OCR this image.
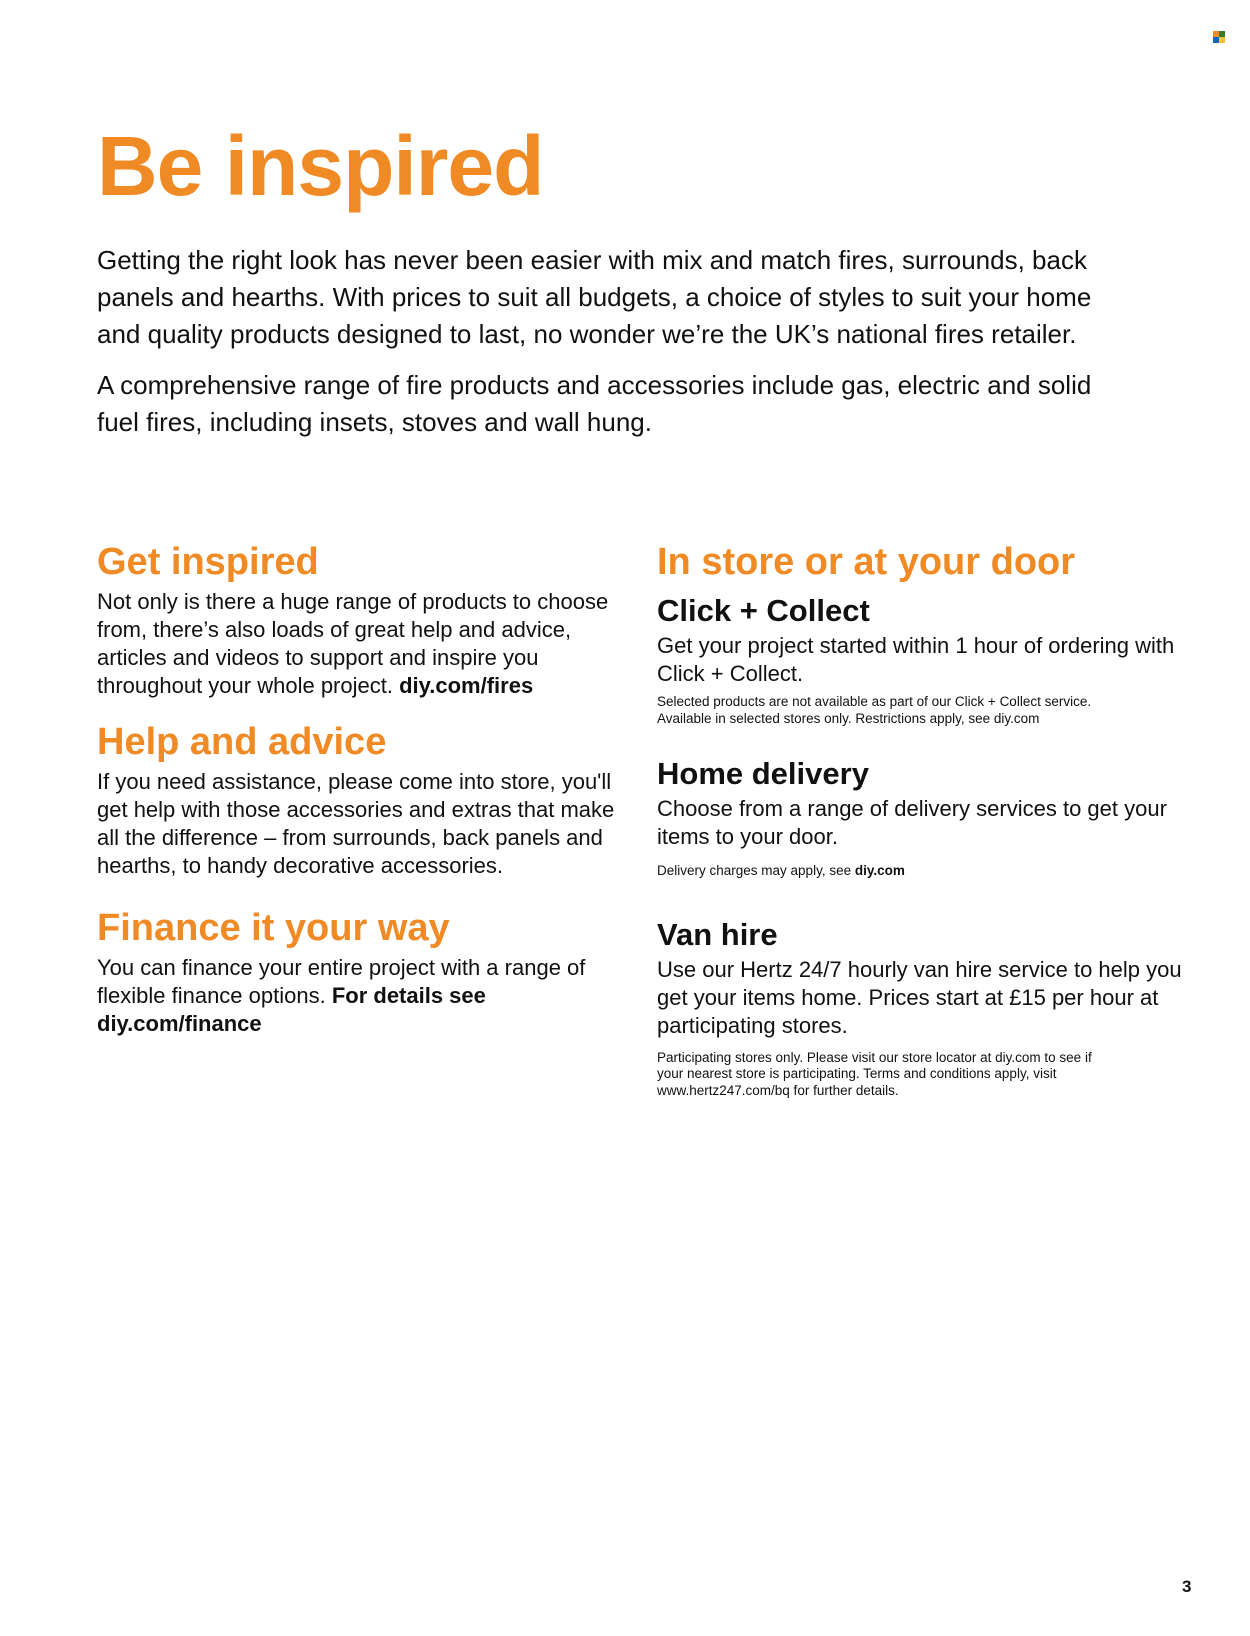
Be inspired

Getting the right look has never been easier with mix and match fires, surrounds, back panels and hearths. With prices to suit all budgets, a choice of styles to suit your home and quality products designed to last, no wonder we’re the UK’s national fires retailer.

A comprehensive range of fire products and accessories include gas, electric and solid fuel fires, including insets, stoves and wall hung.

Get inspired

Not only is there a huge range of products to choose from, there’s also loads of great help and advice, articles and videos to support and inspire you throughout your whole project. diy.com/fires

Help and advice

If you need assistance, please come into store, you'll get help with those accessories and extras that make all the difference – from surrounds, back panels and hearths, to handy decorative accessories.

Finance it your way

You can finance your entire project with a range of flexible finance options. For details see diy.com/finance

In store or at your door
Click + Collect

Get your project started within 1 hour of ordering with Click + Collect.

Selected products are not available as part of our Click + Collect service. Available in selected stores only. Restrictions apply, see diy.com

Home delivery

Choose from a range of delivery services to get your items to your door.

Delivery charges may apply, see diy.com

Van hire

Use our Hertz 24/7 hourly van hire service to help you get your items home. Prices start at £15 per hour at participating stores.

Participating stores only. Please visit our store locator at diy.com to see if your nearest store is participating. Terms and conditions apply, visit www.hertz247.com/bq for further details.

3
